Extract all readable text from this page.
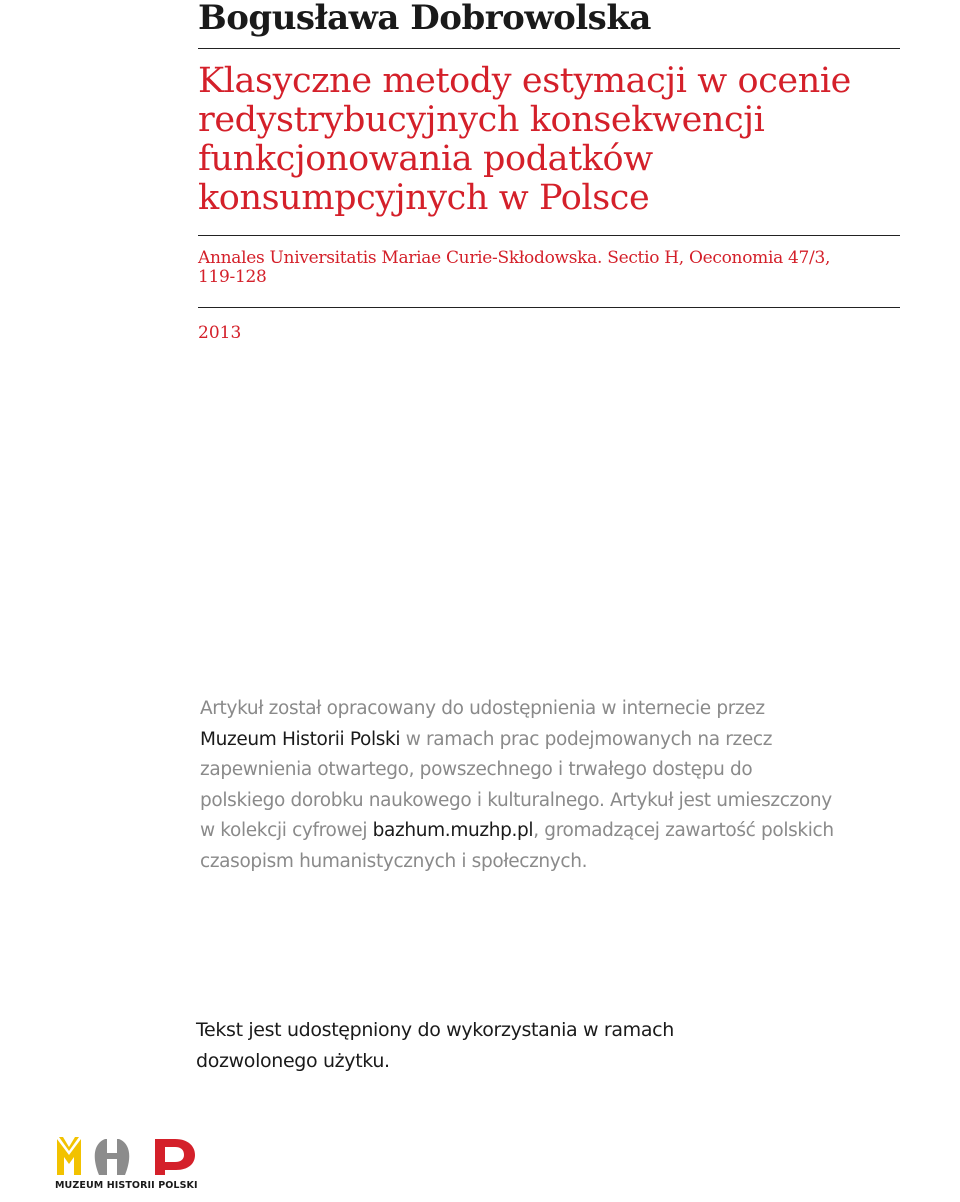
Bogusława Dobrowolska
Klasyczne metody estymacji w ocenie
redystrybucyjnych konsekwencji
funkcjonowania podatków
konsumpcyjnych w Polsce
Annales Universitatis Mariae Curie-Skłodowska. Sectio H, Oeconomia 47/3,
119-128
2013
Artykuł został opracowany do udostępnienia w internecie przez
Muzeum Historii Polski w ramach prac podejmowanych na rzecz
zapewnienia otwartego, powszechnego i trwałego dostępu do
polskiego dorobku naukowego i kulturalnego. Artykuł jest umieszczony
w kolekcji cyfrowej bazhum.muzhp.pl, gromadzącej zawartość polskich
czasopism humanistycznych i społecznych.
Tekst jest udostępniony do wykorzystania w ramach
dozwolonego użytku.
MUZEUM HISTORII POLSKI
